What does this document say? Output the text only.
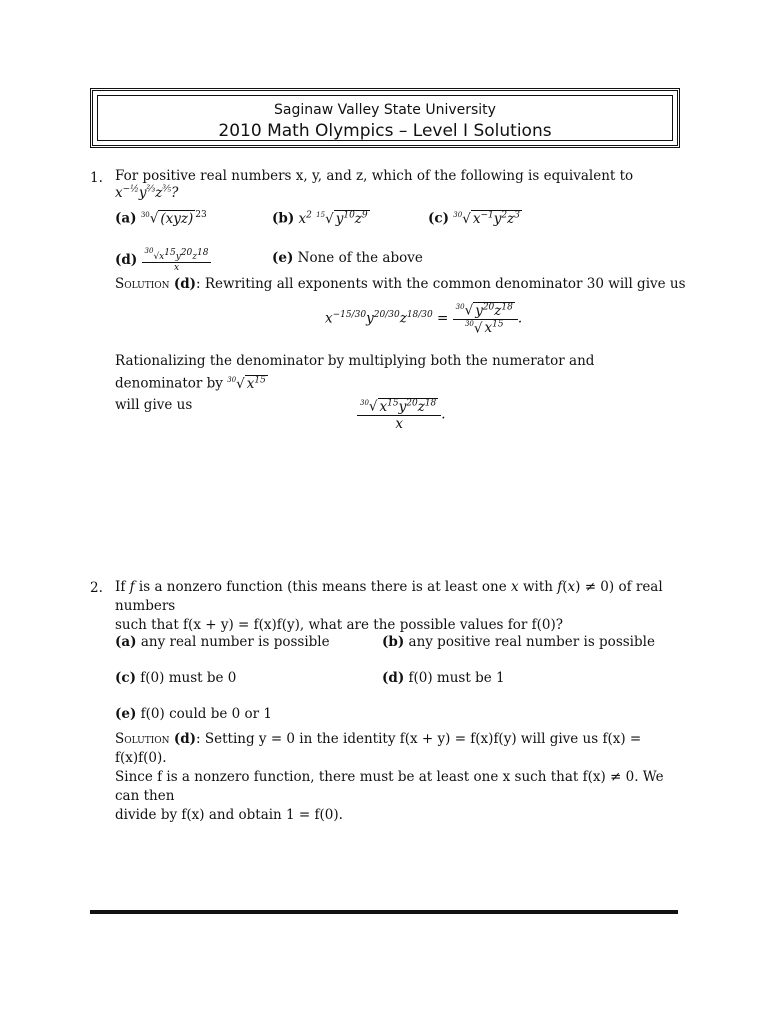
Saginaw Valley State University
2010 Math Olympics – Level I Solutions
1. For positive real numbers x, y, and z, which of the following is equivalent to $x^{-\frac{1}{2}}y^{\frac{2}{3}}z^{\frac{3}{5}}$?
(a) $^{30}$√ (xyz) $^{23}$	(b) $x^2$ $^{15}$√ $y^{10}z^9$	(c) $^{30}$√ $x^{-1}y^2z^3$
$(d) \frac{^{30}√x^{15}y^{20}z^{18}}{x}$	(e) None of the above
Solution (d): Rewriting all exponents with the common denominator 30 will give us
$x^{-15/30}y^{20/30}z^{18/30} = \frac{^{30}√ y^{20}z^{18}}{^{30}√ x^{15}}$ .

Rationalizing the denominator by multiplying both the numerator and denominator by $^{30}$√ $x^{15}$

will give us	$\frac{^{30}√ x^{15}y^{20}z^{18}}{x}$ .
2. If f is a nonzero function (this means there is at least one x with f(x) ≠ 0) of real numbers

such that f(x + y) = f(x)f(y), what are the possible values for f(0)?

(a) any real number is possible	(b) any positive real number is possible
(c) f(0) must be 0	(d) f(0) must be 1
(e) f(0) could be 0 or 1

Solution (d): Setting y = 0 in the identity f(x + y) = f(x)f(y) will give us f(x) = f(x)f(0).

Since f is a nonzero function, there must be at least one x such that f(x) ≠ 0. We can then

divide by f(x) and obtain 1 = f(0).
